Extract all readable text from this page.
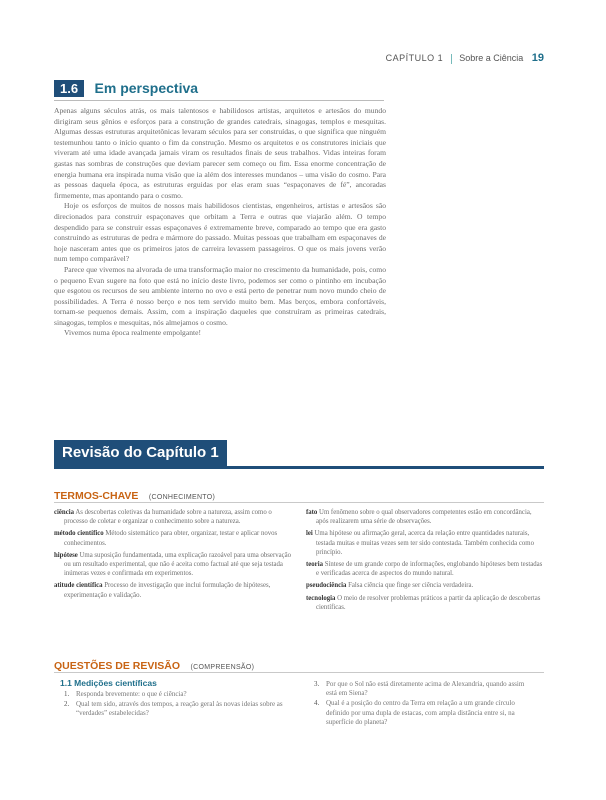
CAPÍTULO 1 Sobre a Ciência 19
1.6 Em perspectiva

Apenas alguns séculos atrás, os mais talentosos e habilidosos artistas, arquitetos e artesãos do mundo dirigiram seus gênios e esforços para a construção de grandes catedrais, sinagogas, templos e mesquitas. Algumas dessas estruturas arquitetônicas levaram séculos para ser construídas, o que significa que ninguém testemunhou tanto o início quanto o fim da construção. Mesmo os arquitetos e os construtores iniciais que viveram até uma idade avançada jamais viram os resultados finais de seus trabalhos. Vidas inteiras foram gastas nas sombras de construções que deviam parecer sem começo ou fim. Essa enorme concentração de energia humana era inspirada numa visão que ia além dos interesses mundanos – uma visão do cosmo. Para as pessoas daquela época, as estruturas erguidas por elas eram suas “espaçonaves de fé”, ancoradas firmemente, mas apontando para o cosmo.

Hoje os esforços de muitos de nossos mais habilidosos cientistas, engenheiros, artistas e artesãos são direcionados para construir espaçonaves que orbitam a Terra e outras que viajarão além. O tempo despendido para se construir essas espaçonaves é extremamente breve, comparado ao tempo que era gasto construindo as estruturas de pedra e mármore do passado. Muitas pessoas que trabalham em espaçonaves de hoje nasceram antes que os primeiros jatos de carreira levassem passageiros. O que os mais jovens verão num tempo comparável?

Parece que vivemos na alvorada de uma transformação maior no crescimento da humanidade, pois, como o pequeno Evan sugere na foto que está no início deste livro, podemos ser como o pintinho em incubação que esgotou os recursos de seu ambiente interno no ovo e está perto de penetrar num novo mundo cheio de possibilidades. A Terra é nosso berço e nos tem servido muito bem. Mas berços, embora confortáveis, tornam-se pequenos demais. Assim, com a inspiração daqueles que construíram as primeiras catedrais, sinagogas, templos e mesquitas, nós almejamos o cosmo.

Vivemos numa época realmente empolgante!

Revisão do Capítulo 1
TERMOS-CHAVE (CONHECIMENTO)
ciência As descobertas coletivas da humanidade sobre a natureza, assim como o processo de coletar e organizar o conhecimento sobre a natureza.
método científico Método sistemático para obter, organizar, testar e aplicar novos conhecimentos.
hipótese Uma suposição fundamentada, uma explicação razoável para uma observação ou um resultado experimental, que não é aceita como factual até que seja testada inúmeras vezes e confirmada em experimentos.
atitude científica Processo de investigação que inclui formulação de hipóteses, experimentação e validação.
fato Um fenômeno sobre o qual observadores competentes estão em concordância, após realizarem uma série de observações.
lei Uma hipótese ou afirmação geral, acerca da relação entre quantidades naturais, testada muitas e muitas vezes sem ter sido contestada. Também conhecida como princípio.
teoria Síntese de um grande corpo de informações, englobando hipóteses bem testadas e verificadas acerca de aspectos do mundo natural.
pseudociência Falsa ciência que finge ser ciência verdadeira.
tecnologia O meio de resolver problemas práticos a partir da aplicação de descobertas científicas.
QUESTÕES DE REVISÃO (COMPREENSÃO)
1.1 Medições científicas
1. Responda brevemente: o que é ciência?
2. Qual tem sido, através dos tempos, a reação geral às novas ideias sobre as “verdades” estabelecidas?
3. Por que o Sol não está diretamente acima de Alexandria, quando assim está em Siena?
4. Qual é a posição do centro da Terra em relação a um grande círculo definido por uma dupla de estacas, com ampla distância entre si, na superfície do planeta?
